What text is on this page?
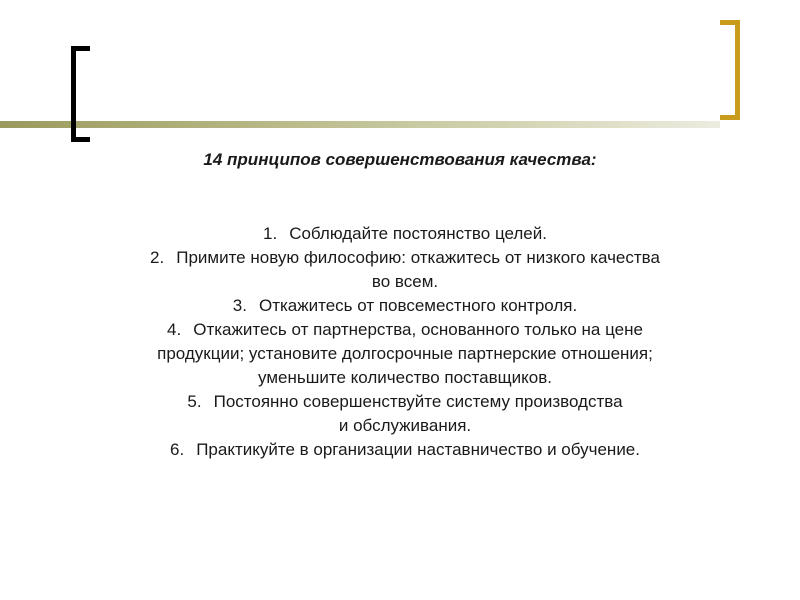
14 принципов совершенствования качества:

1. Соблюдайте постоянство целей.
2. Примите новую философию: откажитесь от низкого качества
во всем.
3. Откажитесь от повсеместного контроля.
4. Откажитесь от партнерства, основанного только на цене
продукции; установите долгосрочные партнерские отношения;
уменьшите количество поставщиков.
5. Постоянно совершенствуйте систему производства
и обслуживания.
6. Практикуйте в организации наставничество и обучение.
